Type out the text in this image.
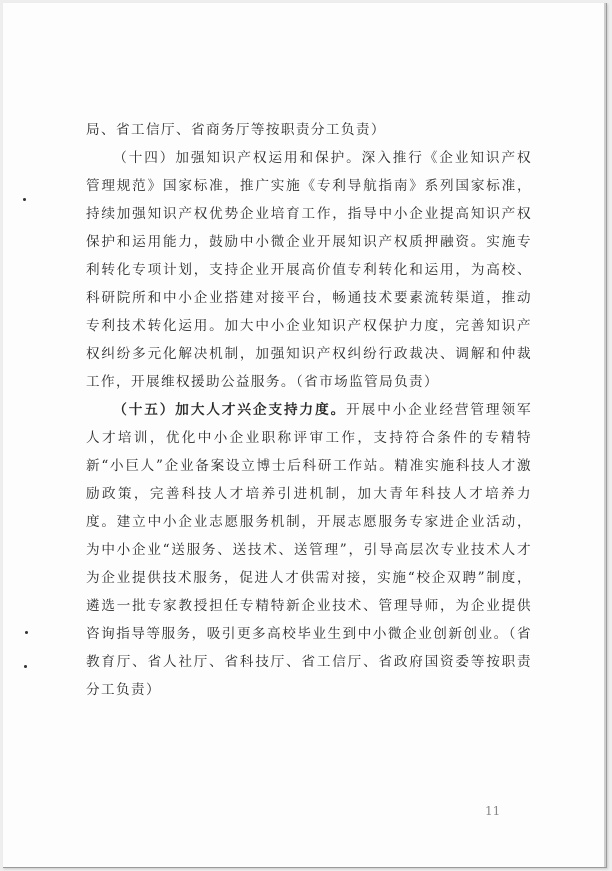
局、省工信厅、省商务厅等按职责分工负责）

（十四）加强知识产权运用和保护。深入推行《企业知识产权管理规范》国家标准，推广实施《专利导航指南》系列国家标准，持续加强知识产权优势企业培育工作，指导中小企业提高知识产权保护和运用能力，鼓励中小微企业开展知识产权质押融资。实施专利转化专项计划，支持企业开展高价值专利转化和运用，为高校、科研院所和中小企业搭建对接平台，畅通技术要素流转渠道，推动专利技术转化运用。加大中小企业知识产权保护力度，完善知识产权纠纷多元化解决机制，加强知识产权纠纷行政裁决、调解和仲裁工作，开展维权援助公益服务。（省市场监管局负责）

（十五）加大人才兴企支持力度。开展中小企业经营管理领军人才培训，优化中小企业职称评审工作，支持符合条件的专精特新“小巨人”企业备案设立博士后科研工作站。精准实施科技人才激励政策，完善科技人才培养引进机制，加大青年科技人才培养力度。建立中小企业志愿服务机制，开展志愿服务专家进企业活动，为中小企业“送服务、送技术、送管理”，引导高层次专业技术人才为企业提供技术服务，促进人才供需对接，实施“校企双聘”制度，遴选一批专家教授担任专精特新企业技术、管理导师，为企业提供咨询指导等服务，吸引更多高校毕业生到中小微企业创新创业。（省教育厅、省人社厅、省科技厅、省工信厅、省政府国资委等按职责分工负责）

11
